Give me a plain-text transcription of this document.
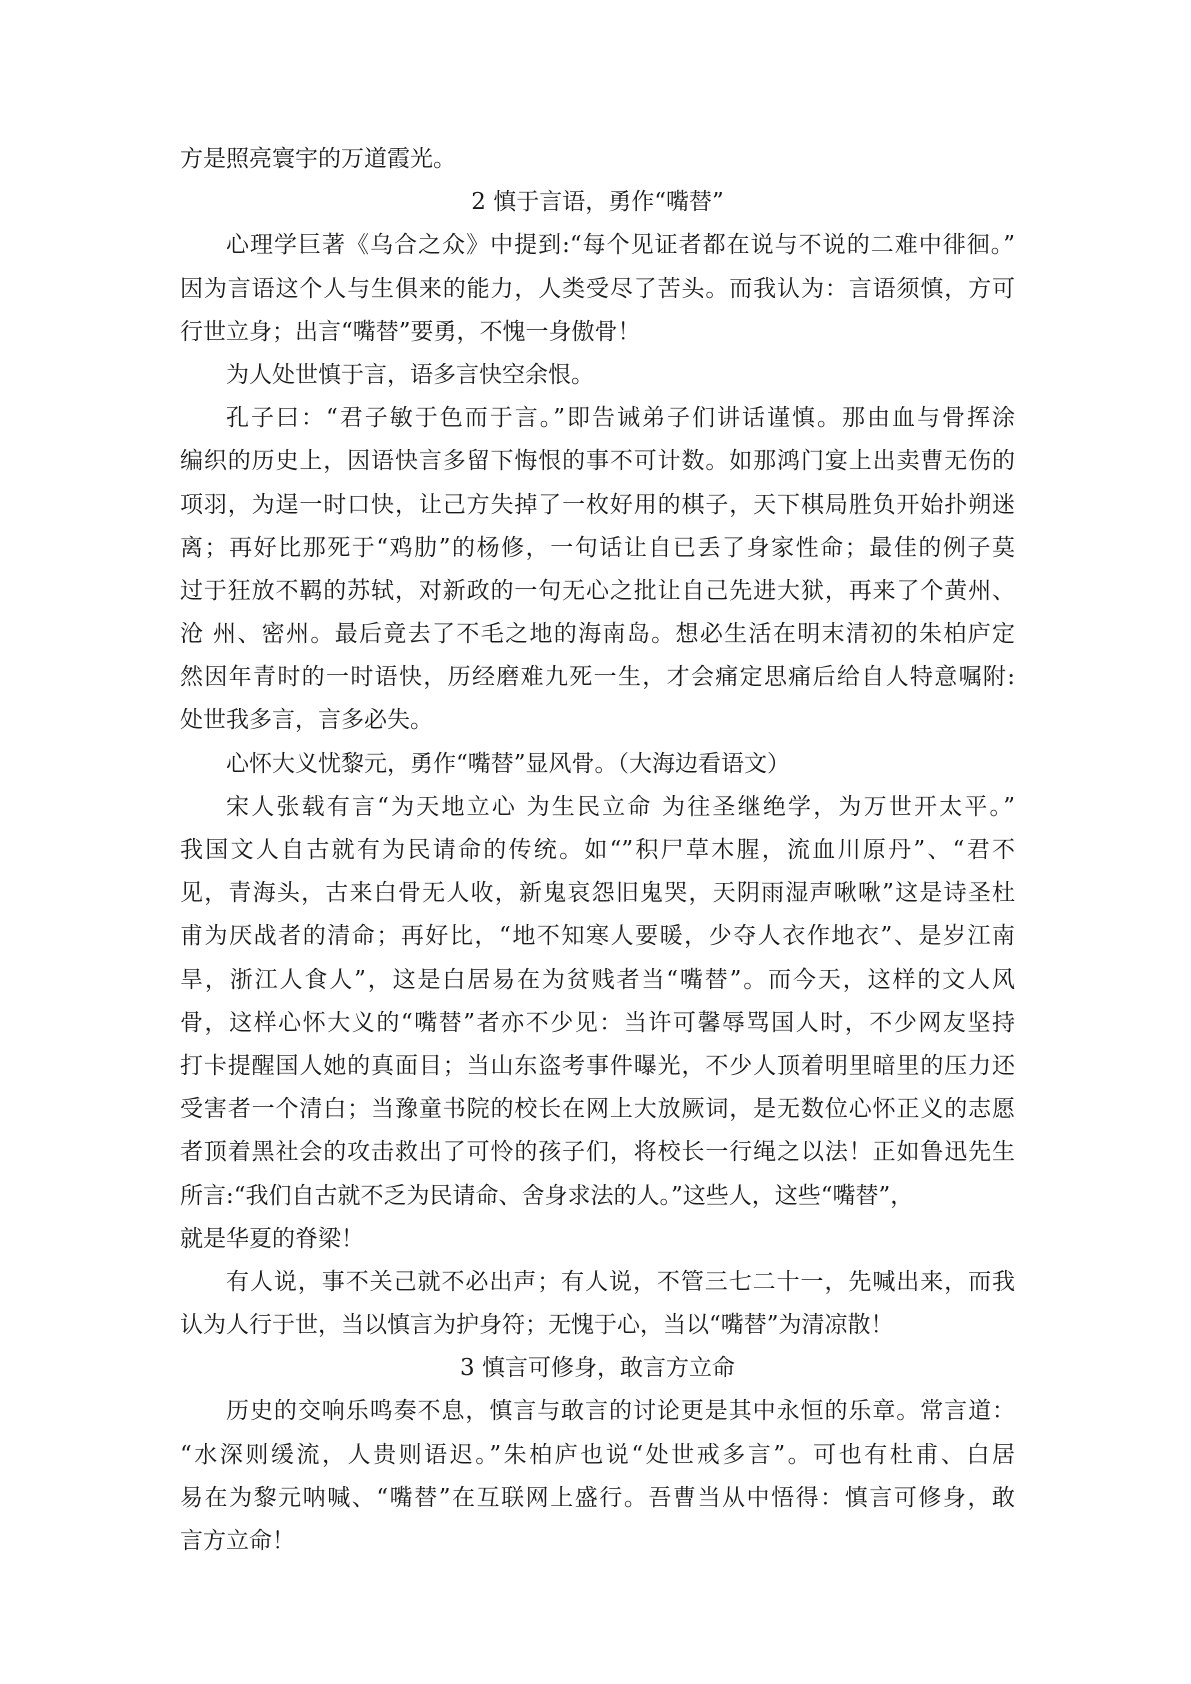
方是照亮寰宇的万道霞光。
2 慎于言语，勇作“嘴替”
心理学巨著《乌合之众》中提到:“每个见证者都在说与不说的二难中徘徊。”
因为言语这个人与生俱来的能力，人类受尽了苦头。而我认为：言语须慎，方可
行世立身；出言“嘴替”要勇，不愧一身傲骨！
为人处世慎于言，语多言快空余恨。
孔子曰：“君子敏于色而于言。”即告诫弟子们讲话谨慎。那由血与骨挥涂
编织的历史上，因语快言多留下悔恨的事不可计数。如那鸿门宴上出卖曹无伤的
项羽，为逞一时口快，让己方失掉了一枚好用的棋子，天下棋局胜负开始扑朔迷
离；再好比那死于“鸡肋”的杨修，一句话让自已丢了身家性命；最佳的例子莫
过于狂放不羁的苏轼，对新政的一句无心之批让自己先进大狱，再来了个黄州、
沧 州、密州。最后竟去了不毛之地的海南岛。想必生活在明末清初的朱柏庐定
然因年青时的一时语快，历经磨难九死一生，才会痛定思痛后给自人特意嘱附:
处世我多言，言多必失。
心怀大义忧黎元，勇作“嘴替”显风骨。（大海边看语文）
宋人张载有言“为天地立心 为生民立命 为往圣继绝学，为万世开太平。”
我国文人自古就有为民请命的传统。如“”积尸草木腥，流血川原丹”、“君不
见，青海头，古来白骨无人收，新鬼哀怨旧鬼哭，天阴雨湿声啾啾”这是诗圣杜
甫为厌战者的清命；再好比，“地不知寒人要暖，少夺人衣作地衣”、是岁江南
旱，浙江人食人”，这是白居易在为贫贱者当“嘴替”。而今天，这样的文人风
骨，这样心怀大义的“嘴替”者亦不少见：当许可馨辱骂国人时，不少网友坚持
打卡提醒国人她的真面目；当山东盗考事件曝光，不少人顶着明里暗里的压力还
受害者一个清白；当豫童书院的校长在网上大放厥词，是无数位心怀正义的志愿
者顶着黑社会的攻击救出了可怜的孩子们，将校长一行绳之以法！正如鲁迅先生
所言:“我们自古就不乏为民请命、舍身求法的人。”这些人，这些“嘴替”，
就是华夏的脊梁！
有人说，事不关己就不必出声；有人说，不管三七二十一，先喊出来，而我
认为人行于世，当以慎言为护身符；无愧于心，当以“嘴替”为清凉散！
3 慎言可修身，敢言方立命
历史的交响乐鸣奏不息，慎言与敢言的讨论更是其中永恒的乐章。常言道：
“水深则缓流，人贵则语迟。”朱柏庐也说“处世戒多言”。可也有杜甫、白居
易在为黎元呐喊、“嘴替”在互联网上盛行。吾曹当从中悟得：慎言可修身，敢
言方立命！
